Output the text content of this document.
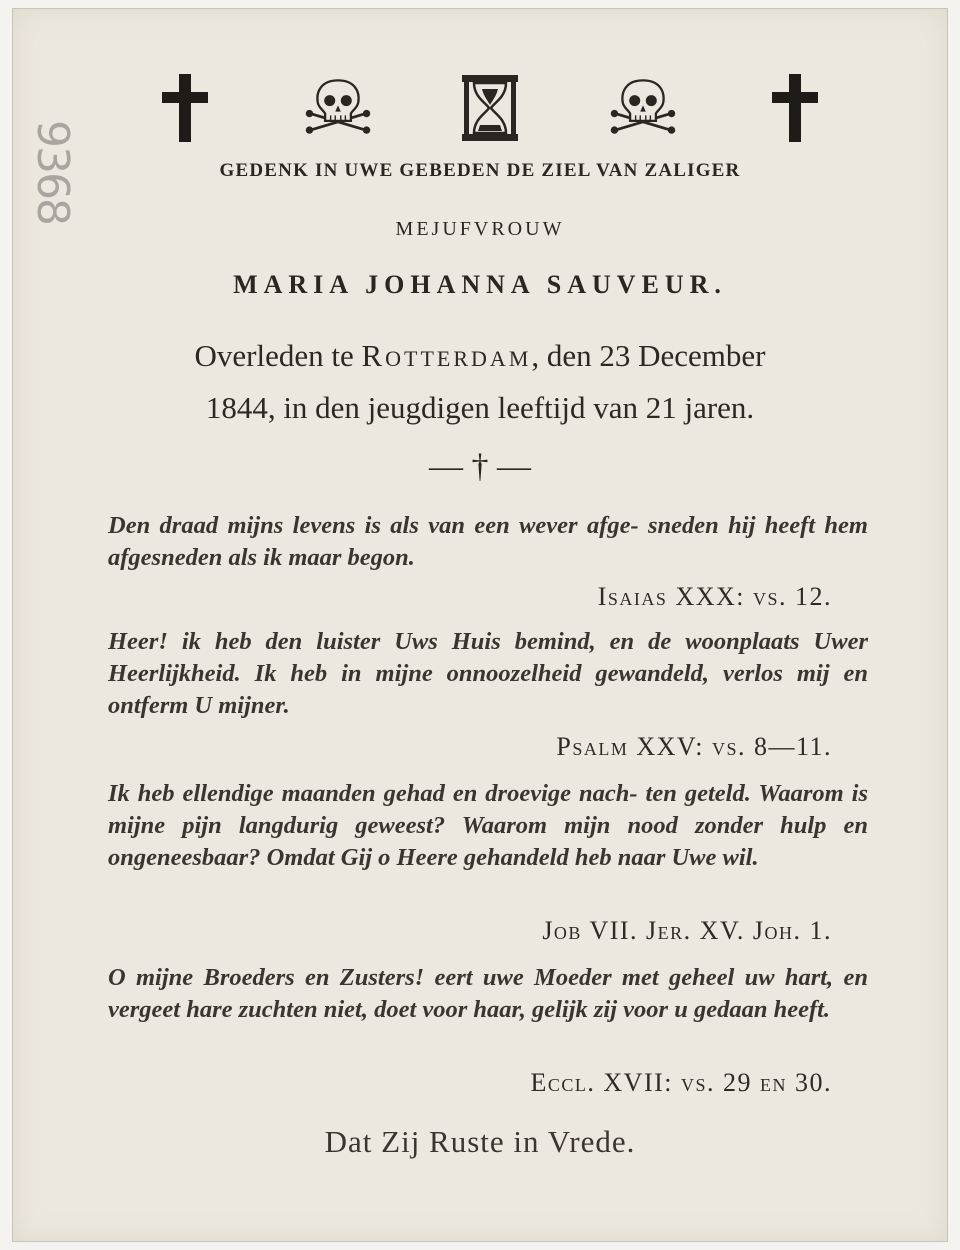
9368	GEDENK IN UWE GEBEDEN DE ZIEL VAN ZALIGER
MEJUFVROUW
MARIA JOHANNA SAUVEUR.
Overleden te Rotterdam, den 23 December
1844, in den jeugdigen leeftijd van 21 jaren.
— † —
Den draad mijns levens is als van een wever afge- sneden hij heeft hem afgesneden als ik maar begon.
Isaias XXX: vs. 12.
Heer! ik heb den luister Uws Huis bemind, en de woonplaats Uwer Heerlijkheid. Ik heb in mijne onnoozelheid gewandeld, verlos mij en ontferm U mijner.
Psalm XXV: vs. 8—11.
Ik heb ellendige maanden gehad en droevige nach- ten geteld. Waarom is mijne pijn langdurig geweest? Waarom mijn nood zonder hulp en ongeneesbaar? Omdat Gij o Heere gehandeld heb naar Uwe wil.
Job VII. Jer. XV. Joh. 1.
O mijne Broeders en Zusters! eert uwe Moeder met geheel uw hart, en vergeet hare zuchten niet, doet voor haar, gelijk zij voor u gedaan heeft.
Eccl. XVII: vs. 29 en 30.
Dat Zij Ruste in Vrede.
